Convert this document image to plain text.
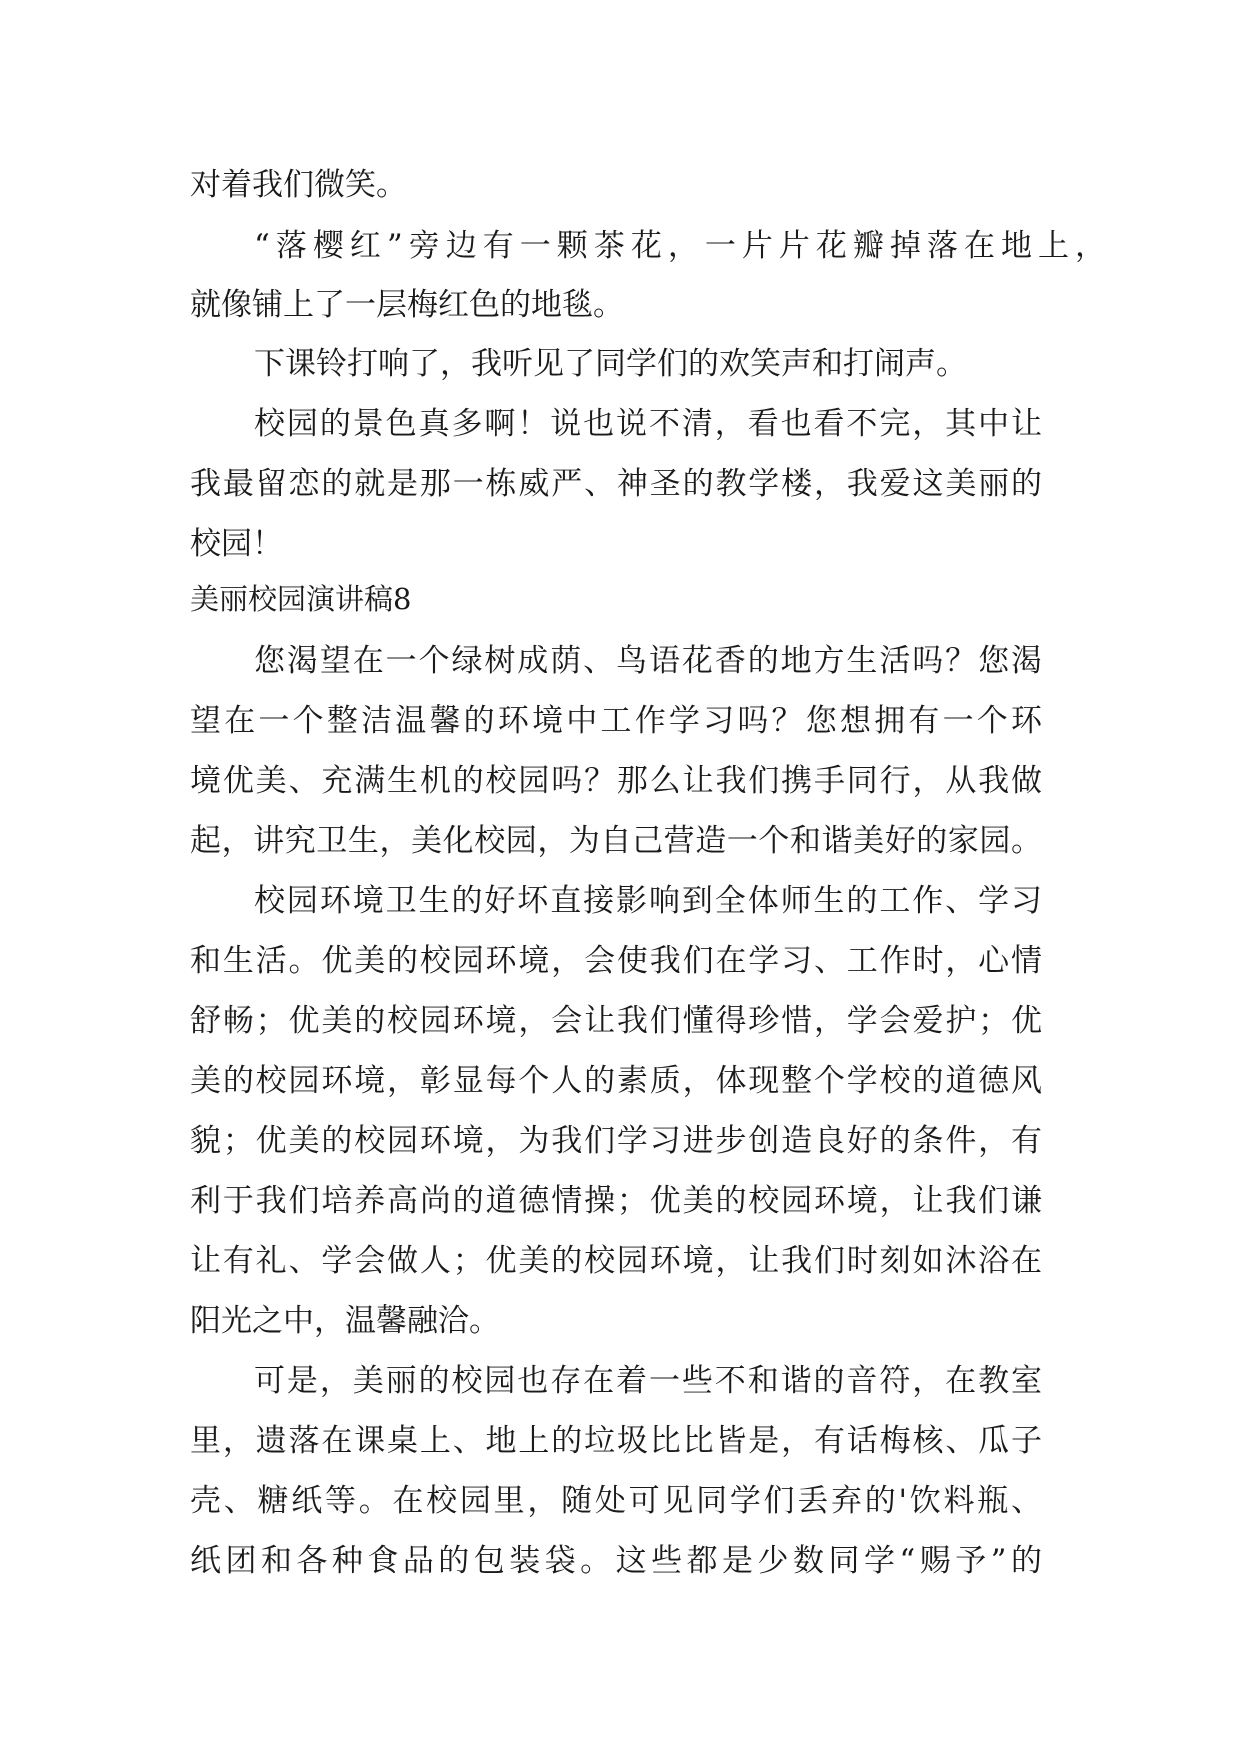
对着我们微笑。

“落樱红”旁边有一颗茶花，一片片花瓣掉落在地上，

就像铺上了一层梅红色的地毯。

下课铃打响了，我听见了同学们的欢笑声和打闹声。

校园的景色真多啊！说也说不清，看也看不完，其中让

我最留恋的就是那一栋威严、神圣的教学楼，我爱这美丽的

校园！

美丽校园演讲稿8

您渴望在一个绿树成荫、鸟语花香的地方生活吗？您渴

望在一个整洁温馨的环境中工作学习吗？您想拥有一个环

境优美、充满生机的校园吗？那么让我们携手同行，从我做

起，讲究卫生，美化校园，为自己营造一个和谐美好的家园。

校园环境卫生的好坏直接影响到全体师生的工作、学习

和生活。优美的校园环境，会使我们在学习、工作时，心情

舒畅；优美的校园环境，会让我们懂得珍惜，学会爱护；优

美的校园环境，彰显每个人的素质，体现整个学校的道德风

貌；优美的校园环境，为我们学习进步创造良好的条件，有

利于我们培养高尚的道德情操；优美的校园环境，让我们谦

让有礼、学会做人；优美的校园环境，让我们时刻如沐浴在

阳光之中，温馨融洽。

可是，美丽的校园也存在着一些不和谐的音符，在教室

里，遗落在课桌上、地上的垃圾比比皆是，有话梅核、瓜子

壳、糖纸等。在校园里，随处可见同学们丢弃的'饮料瓶、

纸团和各种食品的包装袋。这些都是少数同学“赐予”的
